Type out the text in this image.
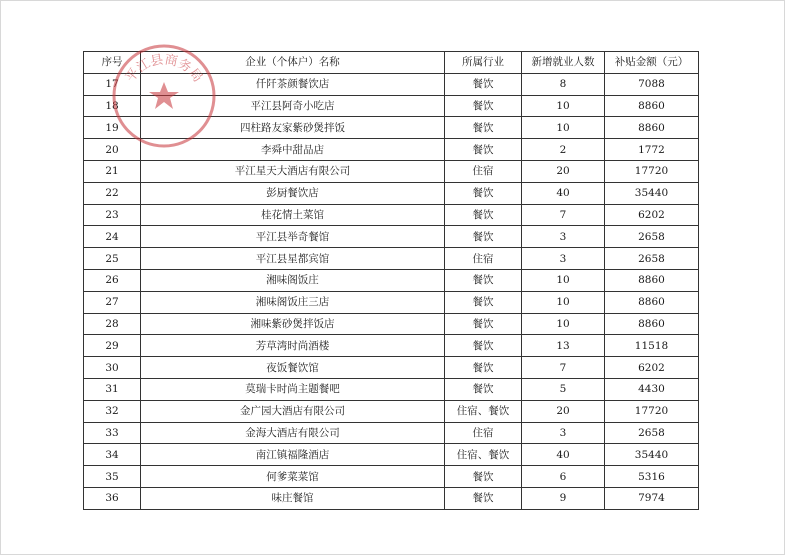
序号	企业（个体户）名称	所属行业	新增就业人数	补贴金额（元）
17	仟阡茶颜餐饮店	餐饮	8	7088
18	平江县阿奇小吃店	餐饮	10	8860
19	四柱路友家紫砂煲拌饭	餐饮	10	8860
20	李舜中甜品店	餐饮	2	1772
21	平江星天大酒店有限公司	住宿	20	17720
22	彭厨餐饮店	餐饮	40	35440
23	桂花情土菜馆	餐饮	7	6202
24	平江县举奇餐馆	餐饮	3	2658
25	平江县星都宾馆	住宿	3	2658
26	湘味阁饭庄	餐饮	10	8860
27	湘味阁饭庄三店	餐饮	10	8860
28	湘味紫砂煲拌饭店	餐饮	10	8860
29	芳草湾时尚酒楼	餐饮	13	11518
30	夜饭餐饮馆	餐饮	7	6202
31	莫瑞卡时尚主题餐吧	餐饮	5	4430
32	金广园大酒店有限公司	住宿、餐饮	20	17720
33	金海大酒店有限公司	住宿	3	2658
34	南江镇福隆酒店	住宿、餐饮	40	35440
35	何爹菜菜馆	餐饮	6	5316
36	味庄餐馆	餐饮	9	7974
平江县商务局
